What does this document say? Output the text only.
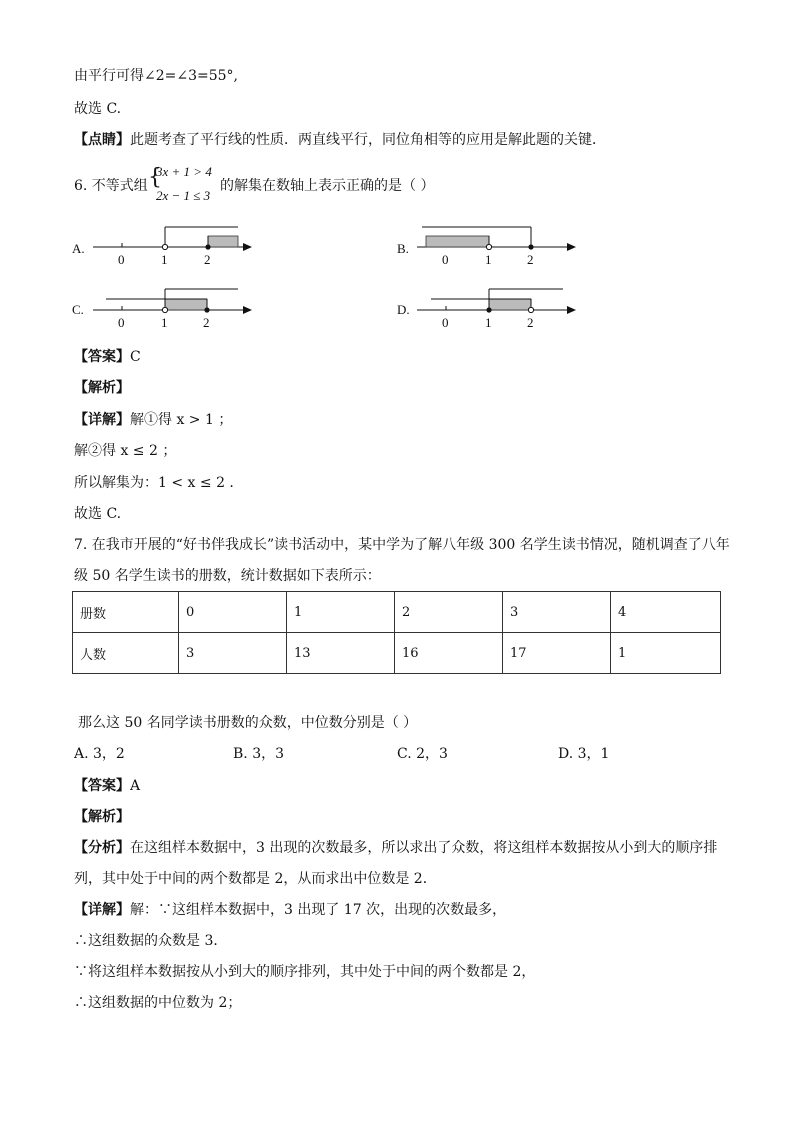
由平行可得∠2=∠3=55°,
故选 C.
【点睛】此题考查了平行线的性质．两直线平行，同位角相等的应用是解此题的关键．
6. 不等式组 {
3x + 1 > 4
2x − 1 ≤ 3
的解集在数轴上表示正确的是（ ）
A.
0	1	2
B.
0	1	2
C.
0	1	2
D.
0	1	2
【答案】C
【解析】
【详解】解①得 x > 1 ；
解②得 x ≤ 2 ；
所以解集为：1 < x ≤ 2 .
故选 C.
7. 在我市开展的“好书伴我成长”读书活动中，某中学为了解八年级 300 名学生读书情况，随机调查了八年
级 50 名学生读书的册数，统计数据如下表所示：
册数	0	1	2	3	4
人数	3	13	16	17	1
那么这 50 名同学读书册数的众数，中位数分别是（ ）
A. 3，2	B. 3，3	C. 2，3	D. 3，1
【答案】A
【解析】
【分析】在这组样本数据中，3 出现的次数最多，所以求出了众数，将这组样本数据按从小到大的顺序排
列，其中处于中间的两个数都是 2，从而求出中位数是 2．
【详解】解：∵这组样本数据中，3 出现了 17 次，出现的次数最多，
∴这组数据的众数是 3．
∵将这组样本数据按从小到大的顺序排列，其中处于中间的两个数都是 2，
∴这组数据的中位数为 2；
